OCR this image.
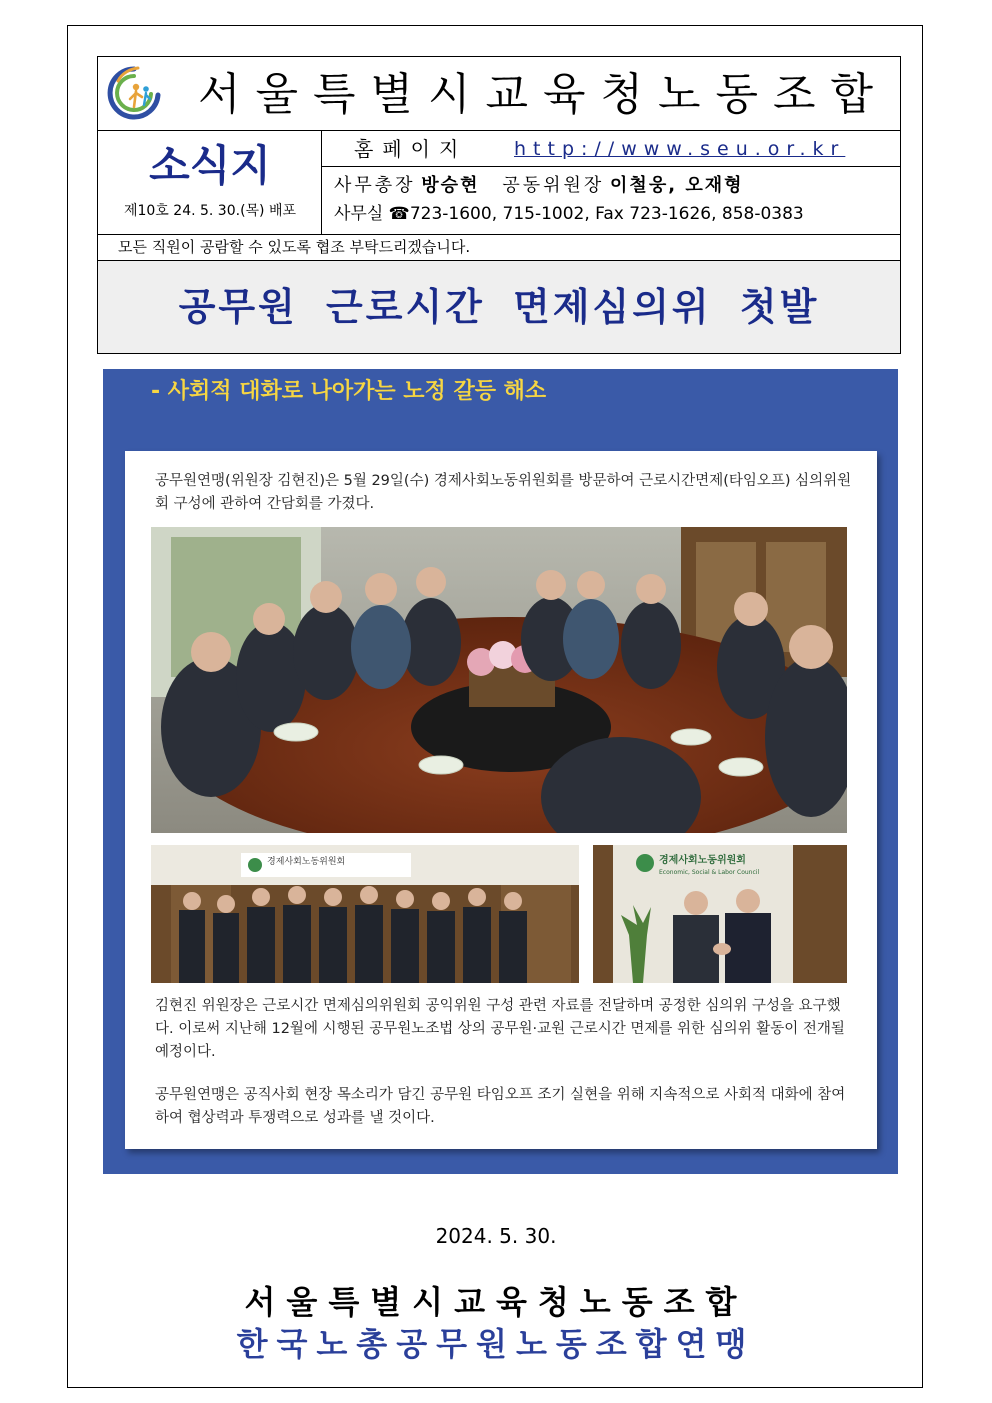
서울특별시교육청노동조합
소식지
제10호 24. 5. 30.(목) 배포
홈페이지 http://www.seu.or.kr
사무총장 방승현 공동위원장 이철웅, 오재형
사무실 ☎723-1600, 715-1002, Fax 723-1626, 858-0383
모든 직원이 공람할 수 있도록 협조 부탁드리겠습니다.
공무원 근로시간 면제심의위 첫발
- 사회적 대화로 나아가는 노정 갈등 해소
공무원연맹(위원장 김현진)은 5월 29일(수) 경제사회노동위원회를 방문하여 근로시간면제(타임오프) 심의위원회 구성에 관하여 간담회를 가졌다.
경제사회노동위원회	경제사회노동위원회
Economic, Social & Labor Council
김현진 위원장은 근로시간 면제심의위원회 공익위원 구성 관련 자료를 전달하며 공정한 심의위 구성을 요구했다. 이로써 지난해 12월에 시행된 공무원노조법 상의 공무원·교원 근로시간 면제를 위한 심의위 활동이 전개될 예정이다.
공무원연맹은 공직사회 현장 목소리가 담긴 공무원 타임오프 조기 실현을 위해 지속적으로 사회적 대화에 참여하여 협상력과 투쟁력으로 성과를 낼 것이다.
2024. 5. 30.
서울특별시교육청노동조합
한국노총공무원노동조합연맹
